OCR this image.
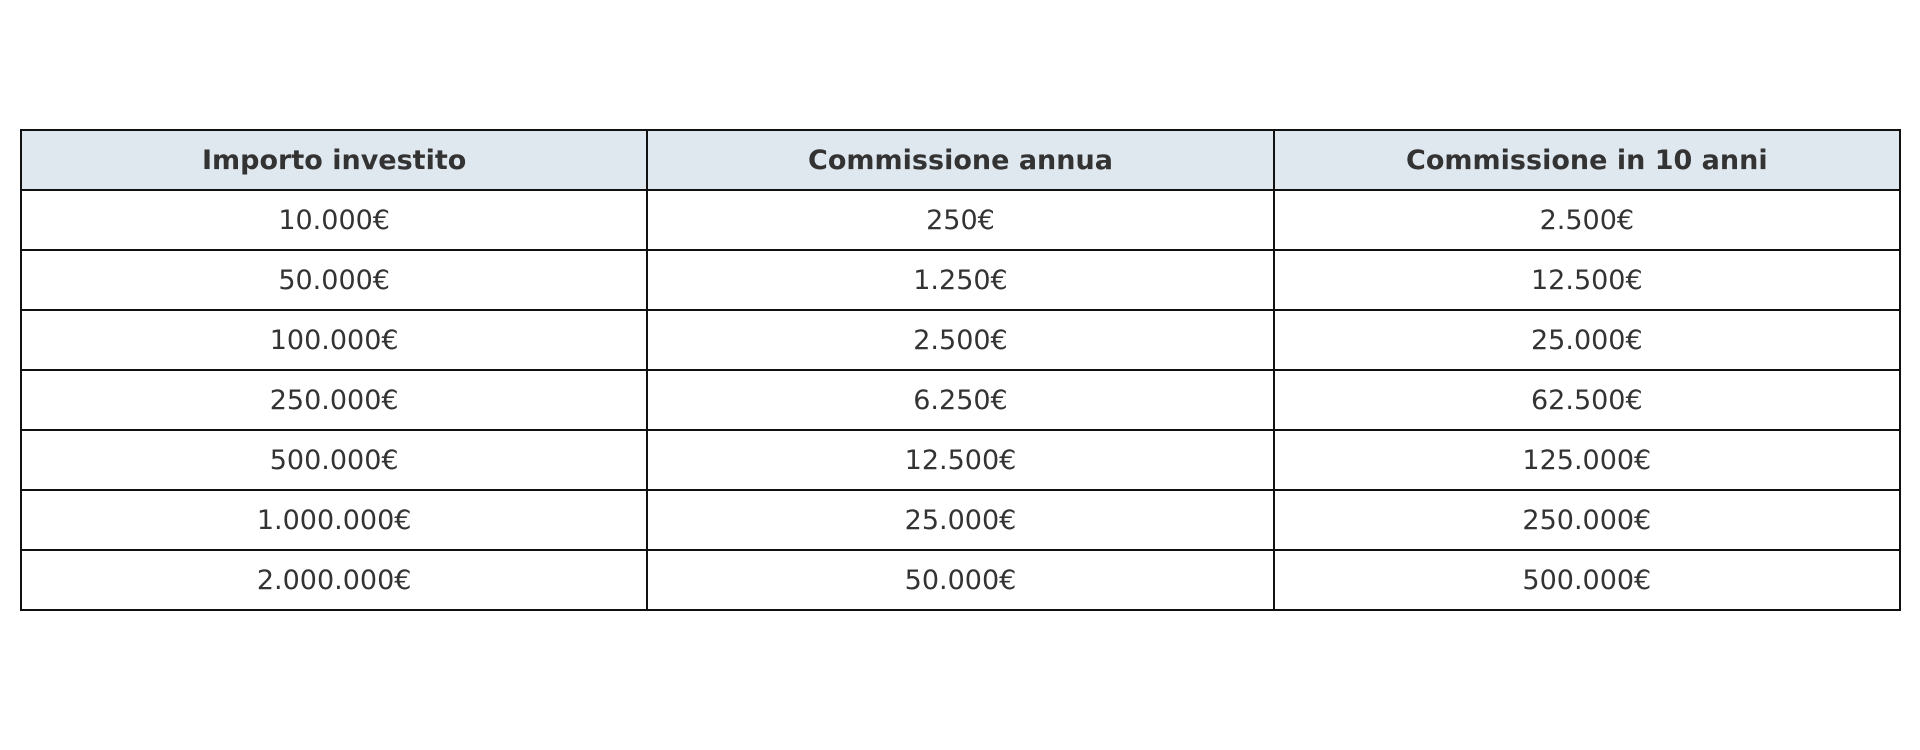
Importo investito	Commissione annua	Commissione in 10 anni
10.000€	250€	2.500€
50.000€	1.250€	12.500€
100.000€	2.500€	25.000€
250.000€	6.250€	62.500€
500.000€	12.500€	125.000€
1.000.000€	25.000€	250.000€
2.000.000€	50.000€	500.000€
